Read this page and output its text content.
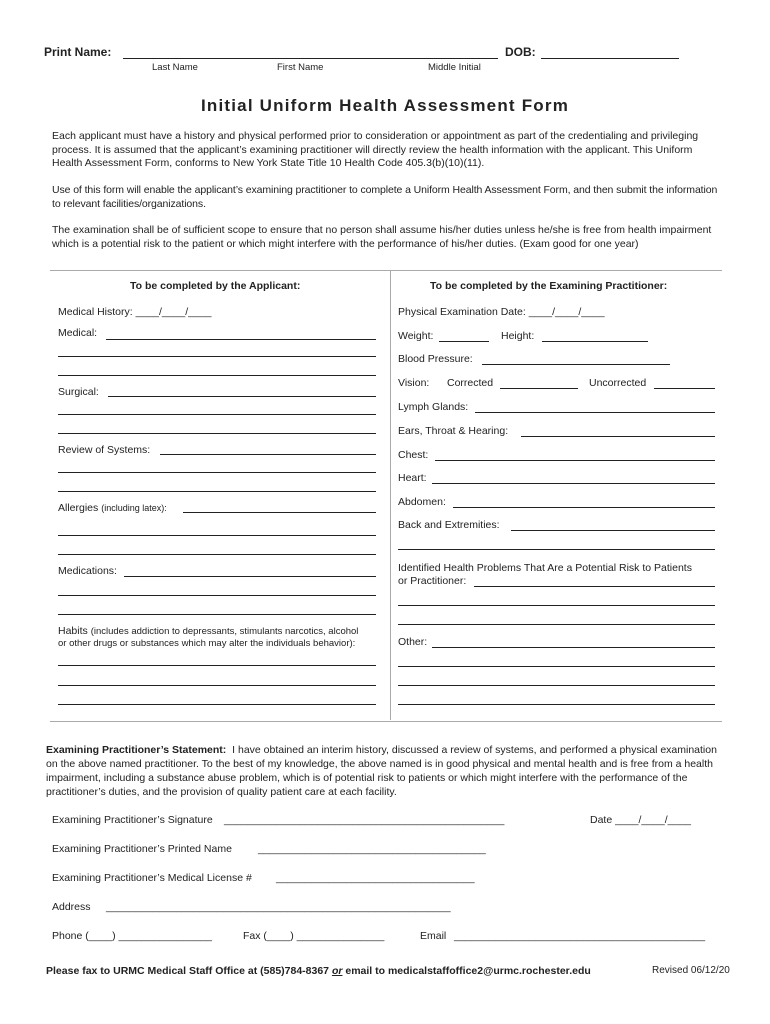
Print Name:	DOB:
Last Name	First Name	Middle Initial
Initial Uniform Health Assessment Form
Each applicant must have a history and physical performed prior to consideration or appointment as part of the credentialing and privileging process. It is assumed that the applicant’s examining practitioner will directly review the health information with the applicant. This Uniform Health Assessment Form, conforms to New York State Title 10 Health Code 405.3(b)(10)(11).
Use of this form will enable the applicant’s examining practitioner to complete a Uniform Health Assessment Form, and then submit the information to relevant facilities/organizations.
The examination shall be of sufficient scope to ensure that no person shall assume his/her duties unless he/she is free from health impairment which is a potential risk to the patient or which might interfere with the performance of his/her duties. (Exam good for one year)
To be completed by the Applicant:	To be completed by the Examining Practitioner:
Medical History: ____/____/____
Medical:
Surgical:
Review of Systems:
Allergies (including latex):
Medications:
Habits (includes addiction to depressants, stimulants narcotics, alcohol
or other drugs or substances which may alter the individuals behavior):
Physical Examination Date: ____/____/____
Weight:	Height:
Blood Pressure:
Vision: Corrected	Uncorrected
Lymph Glands:
Ears, Throat & Hearing:
Chest:
Heart:
Abdomen:
Back and Extremities:
Identified Health Problems That Are a Potential Risk to Patients
or Practitioner:
Other:
Examining Practitioner’s Statement: I have obtained an interim history, discussed a review of systems, and performed a physical examination on the above named practitioner. To the best of my knowledge, the above named is in good physical and mental health and is free from a health impairment, including a substance abuse problem, which is of potential risk to patients or which might interfere with the performance of the practitioner’s duties, and the provision of quality patient care at each facility.
Examining Practitioner’s Signature ________________________________________________	Date ____/____/____
Examining Practitioner’s Printed Name _______________________________________
Examining Practitioner’s Medical License # __________________________________
Address ___________________________________________________________
Phone (____) ________________	Fax (____) _______________	Email ___________________________________________
Please fax to URMC Medical Staff Office at (585)784-8367 or email to medicalstaffoffice2@urmc.rochester.edu	Revised 06/12/20
